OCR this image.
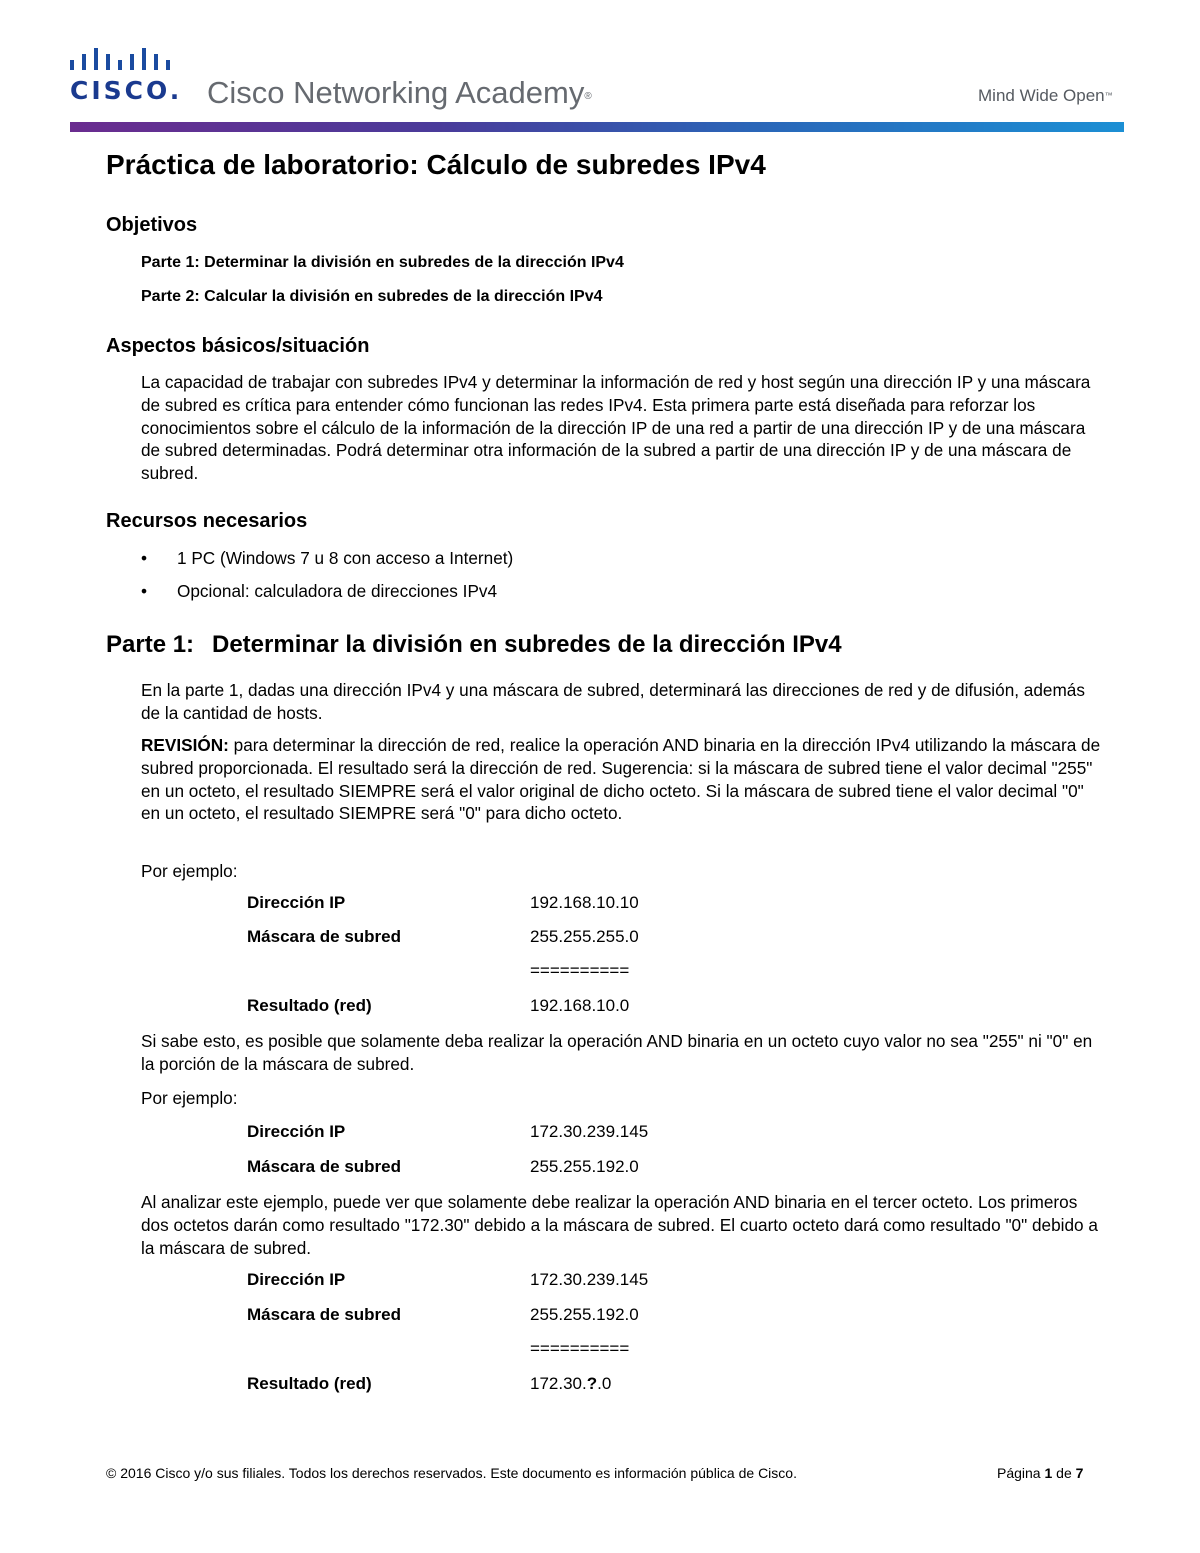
CISCO. Cisco Networking Academy®	Mind Wide Open™
Práctica de laboratorio: Cálculo de subredes IPv4
Objetivos
Parte 1: Determinar la división en subredes de la dirección IPv4
Parte 2: Calcular la división en subredes de la dirección IPv4
Aspectos básicos/situación

La capacidad de trabajar con subredes IPv4 y determinar la información de red y host según una dirección IP y una máscara de subred es crítica para entender cómo funcionan las redes IPv4. Esta primera parte está diseñada para reforzar los conocimientos sobre el cálculo de la información de la dirección IP de una red a partir de una dirección IP y de una máscara de subred determinadas. Podrá determinar otra información de la subred a partir de una dirección IP y de una máscara de subred.

Recursos necesarios
• 1 PC (Windows 7 u 8 con acceso a Internet)
• Opcional: calculadora de direcciones IPv4
Parte 1: Determinar la división en subredes de la dirección IPv4

En la parte 1, dadas una dirección IPv4 y una máscara de subred, determinará las direcciones de red y de difusión, además de la cantidad de hosts.

REVISIÓN: para determinar la dirección de red, realice la operación AND binaria en la dirección IPv4 utilizando la máscara de subred proporcionada. El resultado será la dirección de red. Sugerencia: si la máscara de subred tiene el valor decimal "255" en un octeto, el resultado SIEMPRE será el valor original de dicho octeto. Si la máscara de subred tiene el valor decimal "0" en un octeto, el resultado SIEMPRE será "0" para dicho octeto.

Por ejemplo:

Dirección IP	192.168.10.10
Máscara de subred	255.255.255.0
==========
Resultado (red)	192.168.10.0

Si sabe esto, es posible que solamente deba realizar la operación AND binaria en un octeto cuyo valor no sea "255" ni "0" en la porción de la máscara de subred.

Por ejemplo:

Dirección IP	172.30.239.145
Máscara de subred	255.255.192.0

Al analizar este ejemplo, puede ver que solamente debe realizar la operación AND binaria en el tercer octeto. Los primeros dos octetos darán como resultado "172.30" debido a la máscara de subred. El cuarto octeto dará como resultado "0" debido a la máscara de subred.

Dirección IP	172.30.239.145
Máscara de subred	255.255.192.0
==========
Resultado (red)	172.30.?.0
© 2016 Cisco y/o sus filiales. Todos los derechos reservados. Este documento es información pública de Cisco.	Página 1 de 7
